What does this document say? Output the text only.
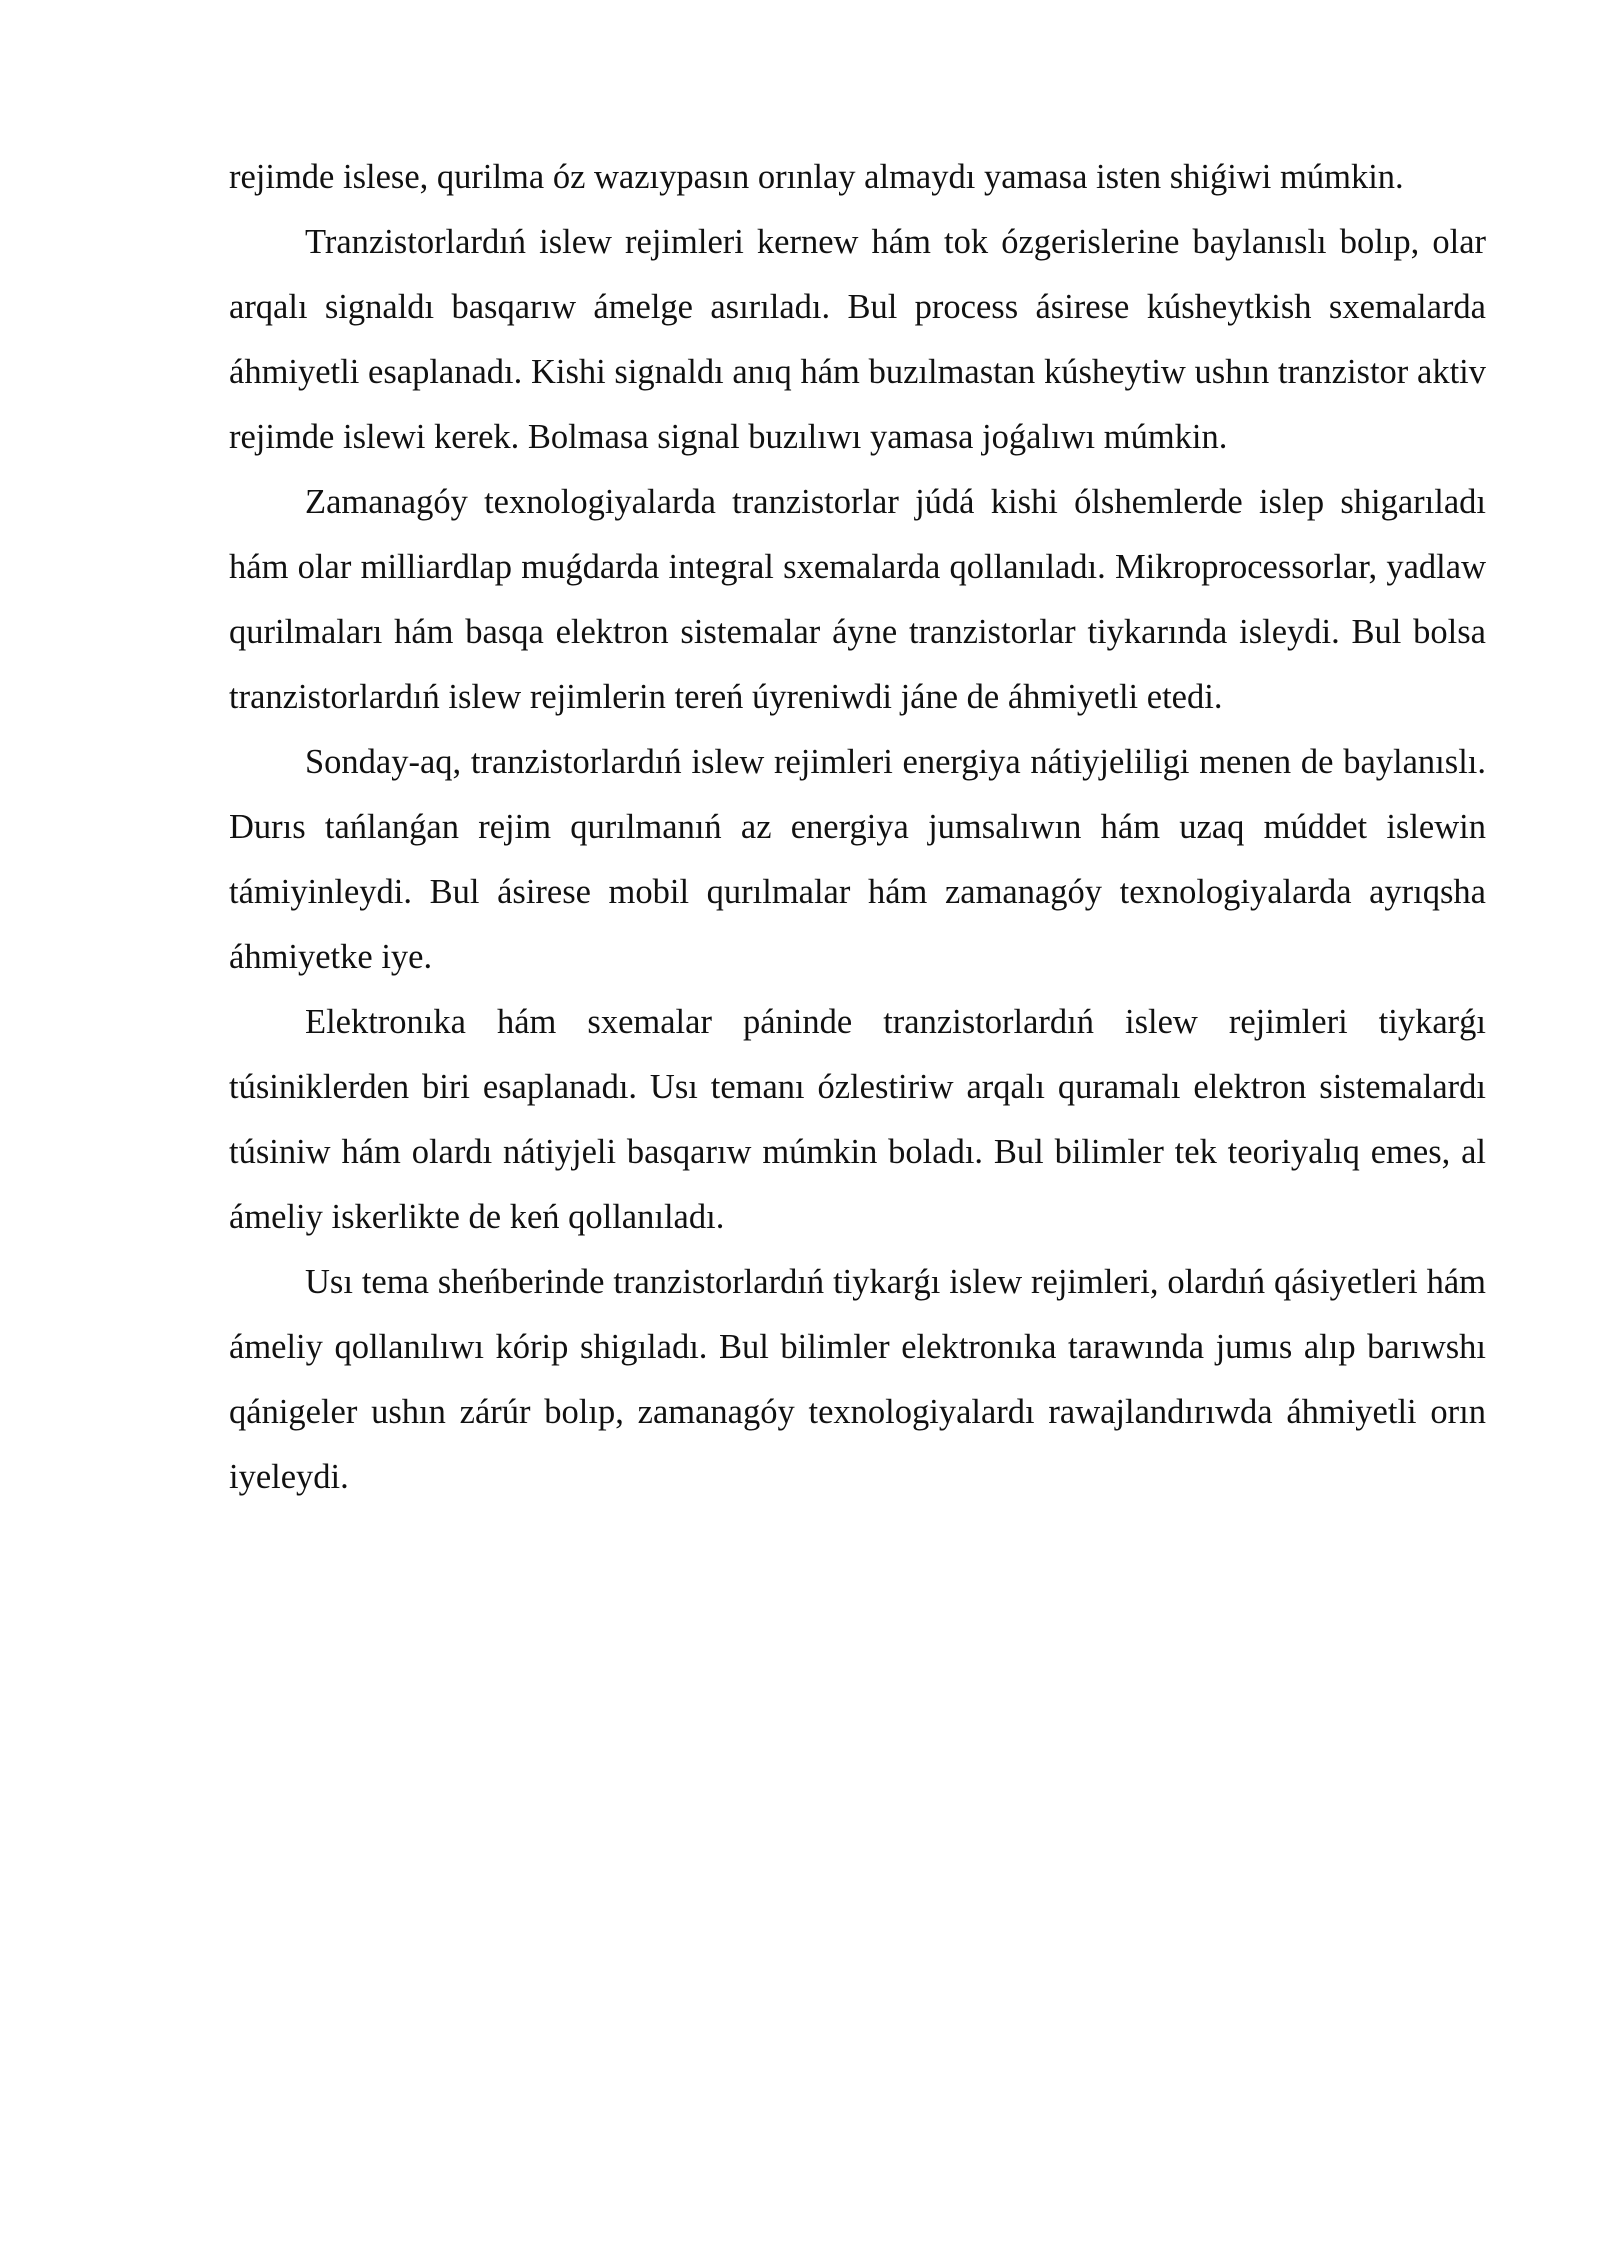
rejimde islese, qurilma óz wazıypasın orınlay almaydı yamasa isten shiǵiwi múmkin.

Tranzistorlardıń islew rejimleri kernew hám tok ózgerislerine baylanıslı bolıp, olar arqalı signaldı basqarıw ámelge asırıladı. Bul process ásirese kúsheytkish sxemalarda áhmiyetli esaplanadı. Kishi signaldı anıq hám buzılmastan kúsheytiw ushın tranzistor aktiv rejimde islewi kerek. Bolmasa signal buzılıwı yamasa joǵalıwı múmkin.

Zamanagóy texnologiyalarda tranzistorlar júdá kishi ólshemlerde islep shigarıladı hám olar milliardlap muǵdarda integral sxemalarda qollanıladı. Mikroprocessorlar, yadlaw qurilmaları hám basqa elektron sistemalar áyne tranzistorlar tiykarında isleydi. Bul bolsa tranzistorlardıń islew rejimlerin tereń úyreniwdi jáne de áhmiyetli etedi.

Sonday-aq, tranzistorlardıń islew rejimleri energiya nátiyjeliligi menen de baylanıslı. Durıs tańlanǵan rejim qurılmanıń az energiya jumsalıwın hám uzaq múddet islewin támiyinleydi. Bul ásirese mobil qurılmalar hám zamanagóy texnologiyalarda ayrıqsha áhmiyetke iye.

Elektronıka hám sxemalar páninde tranzistorlardıń islew rejimleri tiykarǵı túsiniklerden biri esaplanadı. Usı temanı ózlestiriw arqalı quramalı elektron sistemalardı túsiniw hám olardı nátiyjeli basqarıw múmkin boladı. Bul bilimler tek teoriyalıq emes, al ámeliy iskerlikte de keń qollanıladı.

Usı tema sheńberinde tranzistorlardıń tiykarǵı islew rejimleri, olardıń qásiyetleri hám ámeliy qollanılıwı kórip shigıladı. Bul bilimler elektronıka tarawında jumıs alıp barıwshı qánigeler ushın zárúr bolıp, zamanagóy texnologiyalardı rawajlandırıwda áhmiyetli orın iyeleydi.
